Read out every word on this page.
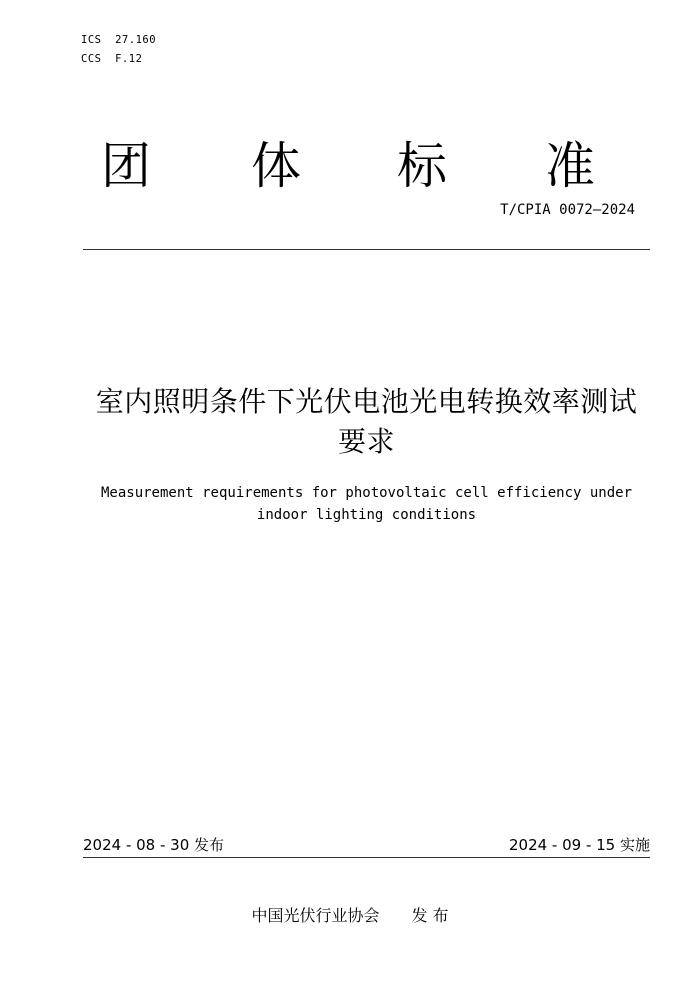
ICS  27.160
CCS  F.12
团 体 标 准
T/CPIA 0072—2024
室内照明条件下光伏电池光电转换效率测试要求
Measurement requirements for photovoltaic cell efficiency under indoor lighting conditions
2024 - 08 - 30 发布	2024 - 09 - 15 实施
中国光伏行业协会　　发 布
